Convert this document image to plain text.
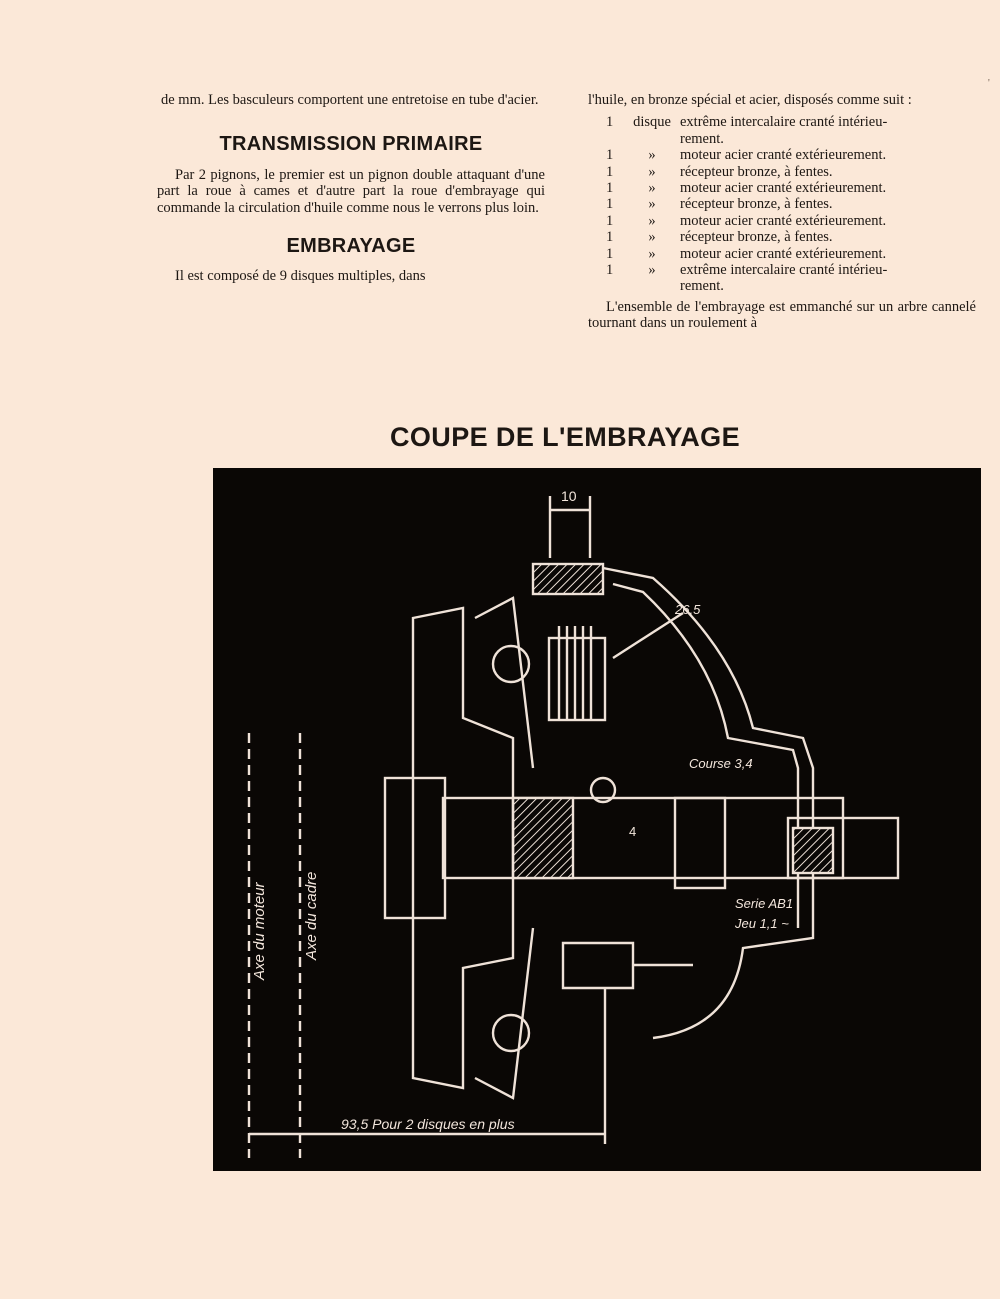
de mm. Les basculeurs comportent une entretoise en tube d'acier.

TRANSMISSION PRIMAIRE

Par 2 pignons, le premier est un pignon double attaquant d'une part la roue à cames et d'autre part la roue d'embrayage qui commande la circulation d'huile comme nous le verrons plus loin.

EMBRAYAGE

Il est composé de 9 disques multiples, dans

l'huile, en bronze spécial et acier, disposés comme suit :

1	disque extrême intercalaire cranté intérieu-
rement.
1	»	moteur acier cranté extérieurement.
1	»	récepteur bronze, à fentes.
1	»	moteur acier cranté extérieurement.
1	»	récepteur bronze, à fentes.
1	»	moteur acier cranté extérieurement.
1	»	récepteur bronze, à fentes.
1	»	moteur acier cranté extérieurement.
1	»	extrême intercalaire cranté intérieu-
rement.

L'ensemble de l'embrayage est emmanché sur un arbre cannelé tournant dans un roulement à

'
COUPE DE L'EMBRAYAGE
10
26,5
Course 3,4
4
Serie AB1
Jeu 1,1 ~
Axe du moteur Axe du cadre
93,5 Pour 2 disques en plus
